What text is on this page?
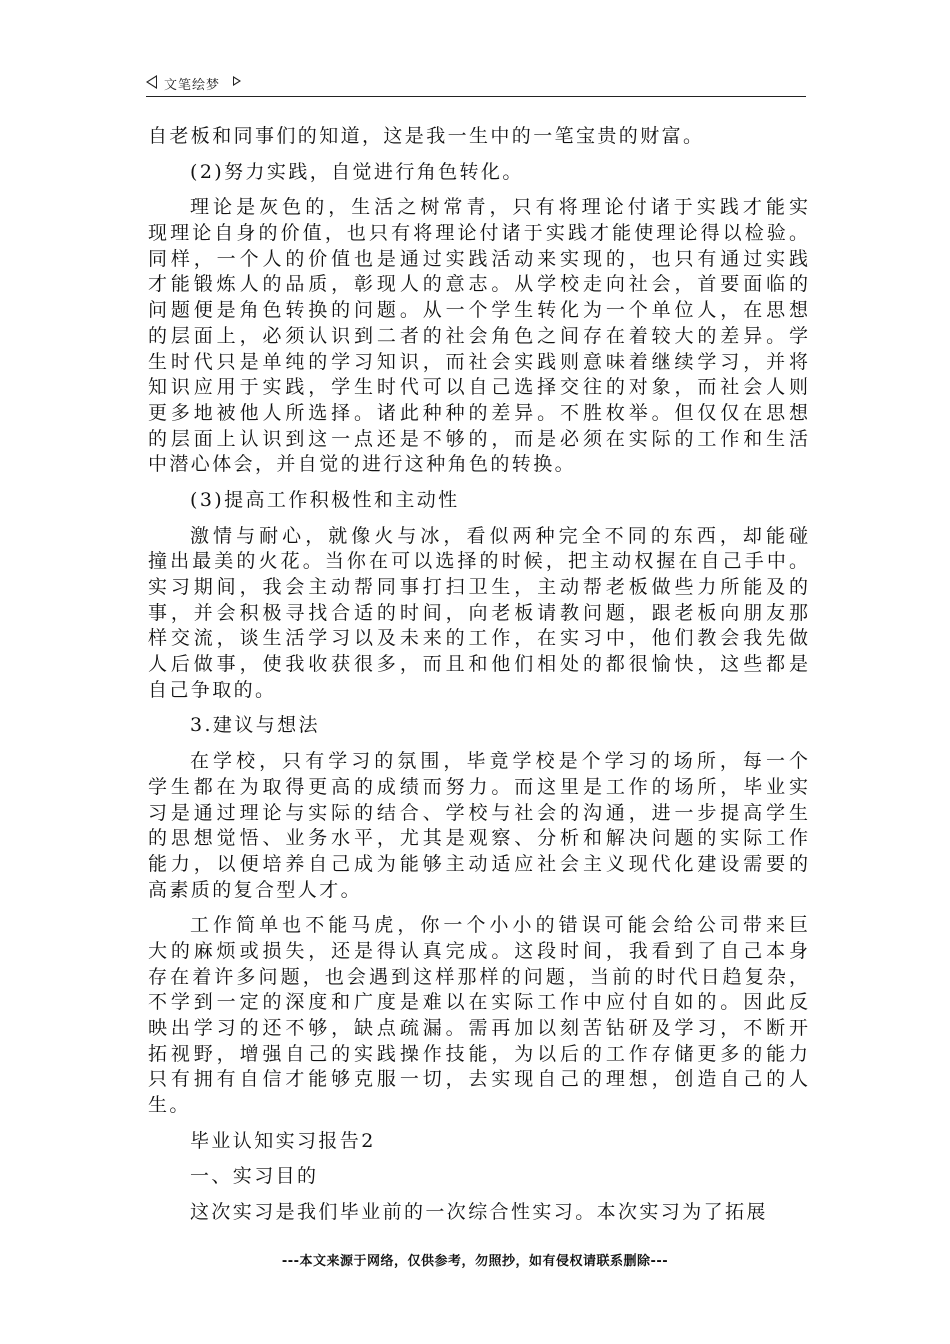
文笔绘梦
自老板和同事们的知道，这是我一生中的一笔宝贵的财富。
(2)努力实践，自觉进行角色转化。
理论是灰色的，生活之树常青，只有将理论付诸于实践才能实
现理论自身的价值，也只有将理论付诸于实践才能使理论得以检验。
同样，一个人的价值也是通过实践活动来实现的，也只有通过实践
才能锻炼人的品质，彰现人的意志。从学校走向社会，首要面临的
问题便是角色转换的问题。从一个学生转化为一个单位人，在思想
的层面上，必须认识到二者的社会角色之间存在着较大的差异。学
生时代只是单纯的学习知识，而社会实践则意味着继续学习，并将
知识应用于实践，学生时代可以自己选择交往的对象，而社会人则
更多地被他人所选择。诸此种种的差异。不胜枚举。但仅仅在思想
的层面上认识到这一点还是不够的，而是必须在实际的工作和生活
中潜心体会，并自觉的进行这种角色的转换。
(3)提高工作积极性和主动性
激情与耐心，就像火与冰，看似两种完全不同的东西，却能碰
撞出最美的火花。当你在可以选择的时候，把主动权握在自己手中。
实习期间，我会主动帮同事打扫卫生，主动帮老板做些力所能及的
事，并会积极寻找合适的时间，向老板请教问题，跟老板向朋友那
样交流，谈生活学习以及未来的工作，在实习中，他们教会我先做
人后做事，使我收获很多，而且和他们相处的都很愉快，这些都是
自己争取的。
3.建议与想法
在学校，只有学习的氛围，毕竟学校是个学习的场所，每一个
学生都在为取得更高的成绩而努力。而这里是工作的场所，毕业实
习是通过理论与实际的结合、学校与社会的沟通，进一步提高学生
的思想觉悟、业务水平，尤其是观察、分析和解决问题的实际工作
能力，以便培养自己成为能够主动适应社会主义现代化建设需要的
高素质的复合型人才。
工作简单也不能马虎，你一个小小的错误可能会给公司带来巨
大的麻烦或损失，还是得认真完成。这段时间，我看到了自己本身
存在着许多问题，也会遇到这样那样的问题，当前的时代日趋复杂，
不学到一定的深度和广度是难以在实际工作中应付自如的。因此反
映出学习的还不够，缺点疏漏。需再加以刻苦钻研及学习，不断开
拓视野，增强自己的实践操作技能，为以后的工作存储更多的能力
只有拥有自信才能够克服一切，去实现自己的理想，创造自己的人
生。
毕业认知实习报告2
一、实习目的
这次实习是我们毕业前的一次综合性实习。本次实习为了拓展
---本文来源于网络，仅供参考，勿照抄，如有侵权请联系删除---
